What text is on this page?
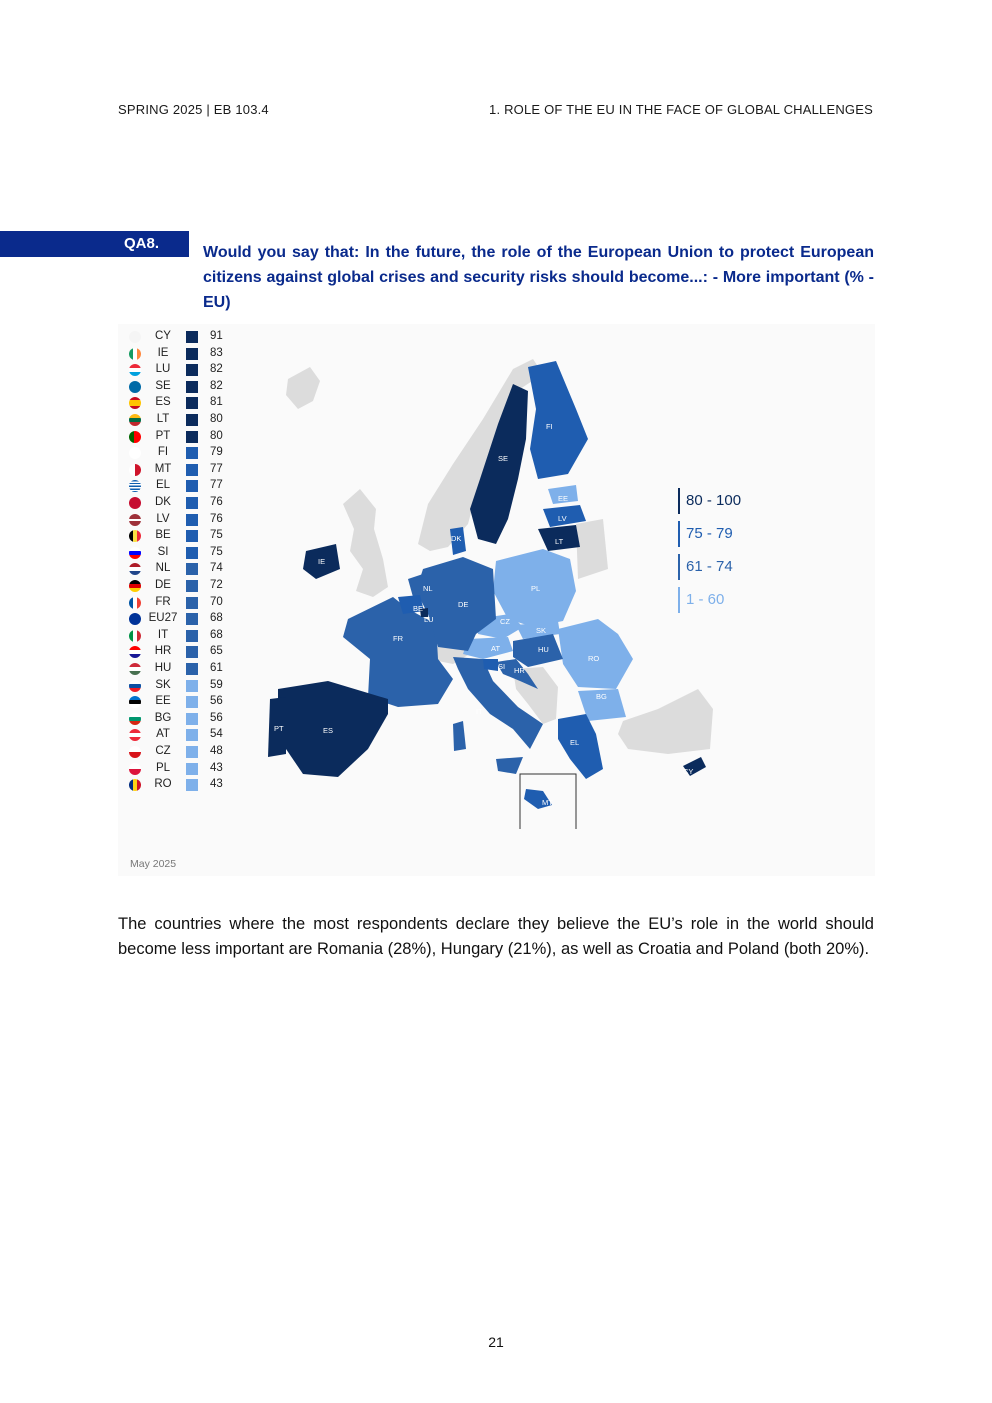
SPRING 2025 | EB 103.4	1. ROLE OF THE EU IN THE FACE OF GLOBAL CHALLENGES
QA8.
Would you say that: In the future, the role of the European Union to protect European citizens against global crises and security risks should become...: - More important (% - EU)
CY	91
IE	83
LU	82
SE	82
ES	81
LT	80
PT	80
FI	79
MT	77
EL	77
DK	76
LV	76
BE	75
SI	75
NL	74
DE	72
FR	70
EU27	68
IT	68
HR	65
HU	61
SK	59
EE	56
BG	56
AT	54
CZ	48
PL	43
RO	43
SE
FI
EE
LV
LT
DK
IE
NL	PL
DE
BE
LU	CZ
FR
SK
AT	HU
RO
SI HR
BG
IT
PT	ES
EL
CY
MT
80 - 100
75 - 79
61 - 74
1 - 60
May 2025
The countries where the most respondents declare they believe the EU’s role in the world should become less important are Romania (28%), Hungary (21%), as well as Croatia and Poland (both 20%).
21
